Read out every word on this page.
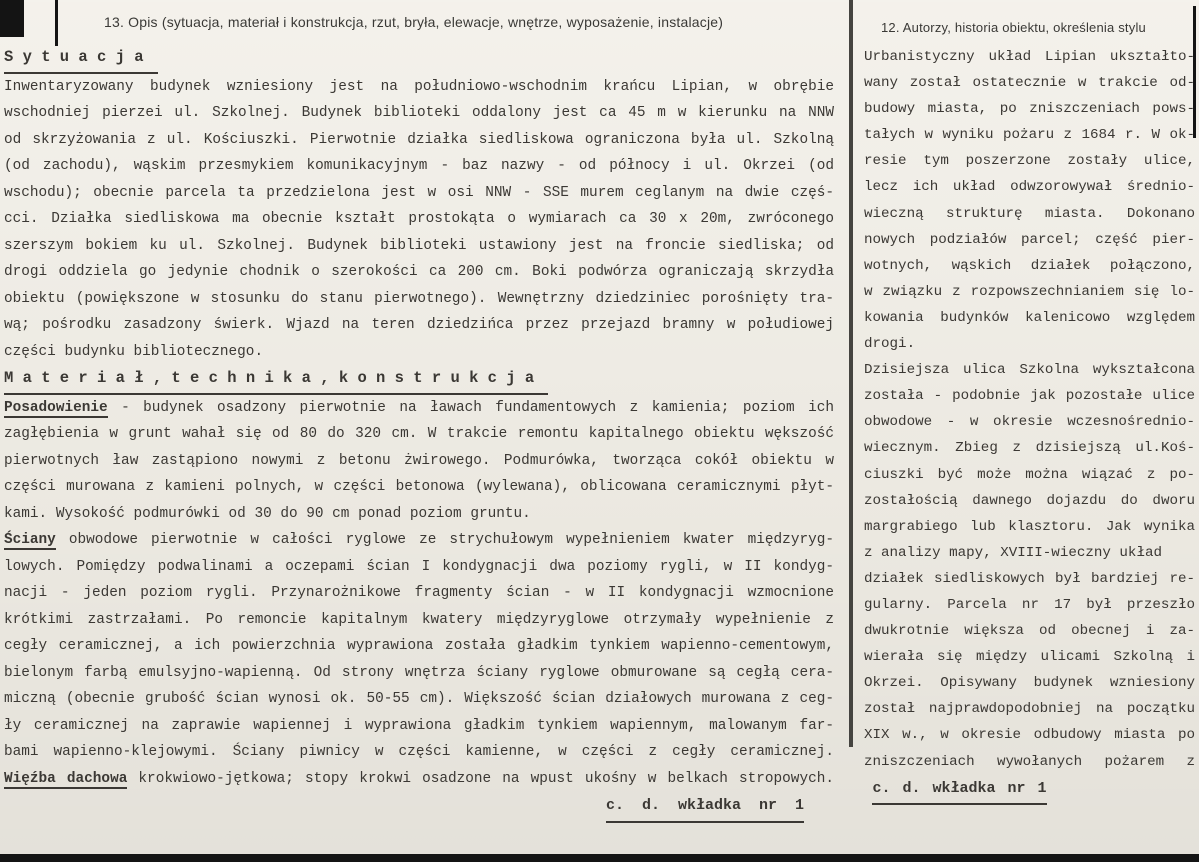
13. Opis (sytuacja, materiał i konstrukcja, rzut, bryła, elewacje, wnętrze, wyposażenie, instalacje)
S y t u a c j a
Inwentaryzowany budynek wzniesiony jest na południowo-wschodnim krańcu Lipian, w obrębie
wschodniej pierzei ul. Szkolnej. Budynek biblioteki oddalony jest ca 45 m w kierunku na NNW
od skrzyżowania z ul. Kościuszki. Pierwotnie działka siedliskowa ograniczona była ul. Szkolną
(od zachodu), wąskim przesmykiem komunikacyjnym - baz nazwy - od północy i ul. Okrzei (od
wschodu); obecnie parcela ta przedzielona jest w osi NNW - SSE murem ceglanym na dwie częś-
cci. Działka siedliskowa ma obecnie kształt prostokąta o wymiarach ca 30 x 20m, zwróconego
szerszym bokiem ku ul. Szkolnej. Budynek biblioteki ustawiony jest na froncie siedliska; od
drogi oddziela go jedynie chodnik o szerokości ca 200 cm. Boki podwórza ograniczają skrzydła
obiektu (powiększone w stosunku do stanu pierwotnego). Wewnętrzny dziedziniec porośnięty tra-
wą; pośrodku zasadzony świerk. Wjazd na teren dziedzińca przez przejazd bramny w połudiowej
części budynku bibliotecznego.
M a t e r i a ł , t e c h n i k a , k o n s t r u k c j a
Posadowienie - budynek osadzony pierwotnie na ławach fundamentowych z kamienia; poziom ich
zagłębienia w grunt wahał się od 80 do 320 cm. W trakcie remontu kapitalnego obiektu wększość
pierwotnych ław zastąpiono nowymi z betonu żwirowego. Podmurówka, tworząca cokół obiektu w
części murowana z kamieni polnych, w części betonowa (wylewana), oblicowana ceramicznymi płyt-
kami. Wysokość podmurówki od 30 do 90 cm ponad poziom gruntu.
Ściany obwodowe pierwotnie w całości ryglowe ze strychułowym wypełnieniem kwater międzyryg-
lowych. Pomiędzy podwalinami a oczepami ścian I kondygnacji dwa poziomy rygli, w II kondyg-
nacji - jeden poziom rygli. Przynarożnikowe fragmenty ścian - w II kondygnacji wzmocnione
krótkimi zastrzałami. Po remoncie kapitalnym kwatery międzyryglowe otrzymały wypełnienie z
cegły ceramicznej, a ich powierzchnia wyprawiona została gładkim tynkiem wapienno-cementowym,
bielonym farbą emulsyjno-wapienną. Od strony wnętrza ściany ryglowe obmurowane są cegłą cera-
miczną (obecnie grubość ścian wynosi ok. 50-55 cm). Większość ścian działowych murowana z ceg-
ły ceramicznej na zaprawie wapiennej i wyprawiona gładkim tynkiem wapiennym, malowanym far-
bami wapienno-klejowymi. Ściany piwnicy w części kamienne, w części z cegły ceramicznej.
Więźba dachowa krokwiowo-jętkowa; stopy krokwi osadzone na wpust ukośny w belkach stropowych.
c. d. wkładka nr 1
12. Autorzy, historia obiektu, określenia stylu
Urbanistyczny układ Lipian ukształto-
wany został ostatecznie w trakcie od-
budowy miasta, po zniszczeniach pows-
tałych w wyniku pożaru z 1684 r. W ok-
resie tym poszerzone zostały ulice,
lecz ich układ odwzorowywał średnio-
wieczną strukturę miasta. Dokonano
nowych podziałów parcel; część pier-
wotnych, wąskich działek połączono,
w związku z rozpowszechnianiem się lo-
kowania budynków kalenicowo względem
drogi.
Dzisiejsza ulica Szkolna wykształcona
została - podobnie jak pozostałe ulice
obwodowe - w okresie wczesnośrednio-
wiecznym. Zbieg z dzisiejszą ul.Koś-
ciuszki być może można wiązać z po-
zostałością dawnego dojazdu do dworu
margrabiego lub klasztoru. Jak wynika
z analizy mapy, XVIII-wieczny układ
działek siedliskowych był bardziej re-
gularny. Parcela nr 17 był przeszło
dwukrotnie większa od obecnej i za-
wierała się między ulicami Szkolną i
Okrzei. Opisywany budynek wzniesiony
został najprawdopodobniej na początku
XIX w., w okresie odbudowy miasta po
zniszczeniach wywołanych pożarem z
c. d. wkładka nr 1
